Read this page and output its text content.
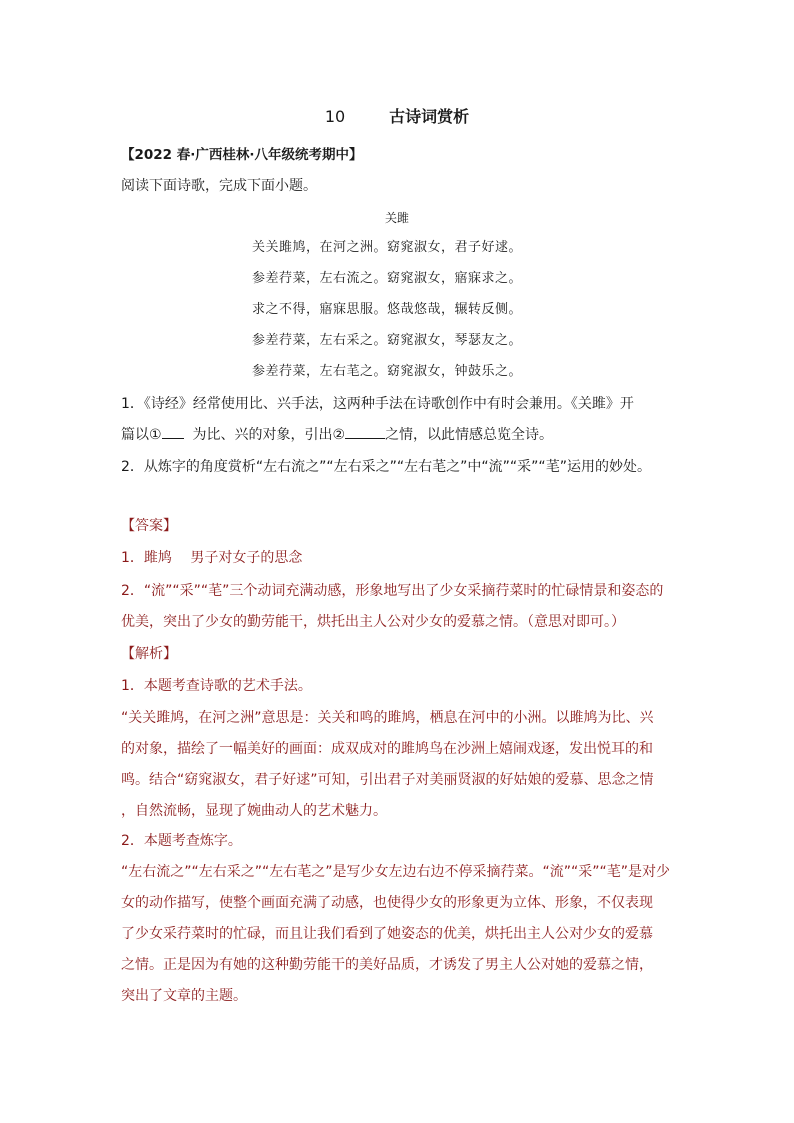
10	古诗词赏析
【2022 春·广西桂林·八年级统考期中】
阅读下面诗歌，完成下面小题。
关雎
关关雎鸠，在河之洲。窈窕淑女，君子好逑。
参差荇菜，左右流之。窈窕淑女，寤寐求之。
求之不得，寤寐思服。悠哉悠哉，辗转反侧。
参差荇菜，左右采之。窈窕淑女，琴瑟友之。
参差荇菜，左右芼之。窈窕淑女，钟鼓乐之。
1．《诗经》经常使用比、兴手法，这两种手法在诗歌创作中有时会兼用。《关雎》开
篇以① 为比、兴的对象，引出②	之情，以此情感总览全诗。
2．从炼字的角度赏析“左右流之”“左右采之”“左右芼之”中“流”“采”“芼”运用的妙处。
【答案】
1．雎鸠　 男子对女子的思念
2．“流”“采”“芼”三个动词充满动感，形象地写出了少女采摘荇菜时的忙碌情景和姿态的
优美，突出了少女的勤劳能干，烘托出主人公对少女的爱慕之情。（意思对即可。）
【解析】
1．本题考查诗歌的艺术手法。
“关关雎鸠，在河之洲”意思是：关关和鸣的雎鸠，栖息在河中的小洲。以雎鸠为比、兴
的对象，描绘了一幅美好的画面：成双成对的雎鸠鸟在沙洲上嬉闹戏逐，发出悦耳的和
鸣。结合“窈窕淑女，君子好逑”可知，引出君子对美丽贤淑的好姑娘的爱慕、思念之情
，自然流畅，显现了婉曲动人的艺术魅力。
2．本题考查炼字。
“左右流之”“左右采之”“左右芼之”是写少女左边右边不停采摘荇菜。“流”“采”“芼”是对少
女的动作描写，使整个画面充满了动感，也使得少女的形象更为立体、形象，不仅表现
了少女采荇菜时的忙碌，而且让我们看到了她姿态的优美，烘托出主人公对少女的爱慕
之情。正是因为有她的这种勤劳能干的美好品质，才诱发了男主人公对她的爱慕之情，
突出了文章的主题。
